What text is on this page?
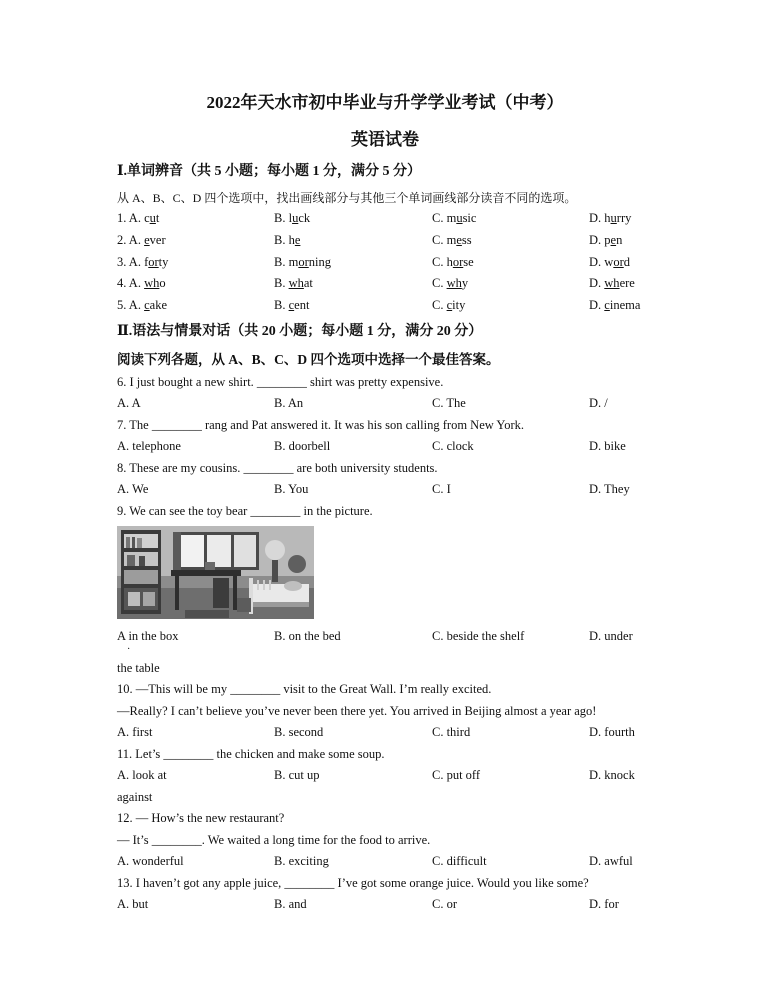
2022年天水市初中毕业与升学学业考试（中考）
英语试卷
Ⅰ.单词辨音（共 5 小题；每小题 1 分，满分 5 分）
从 A、B、C、D 四个选项中，找出画线部分与其他三个单词画线部分读音不同的选项。
1. A. cut	B. luck	C. music	D. hurry
2. A. ever	B. he	C. mess	D. pen
3. A. forty	B. morning	C. horse	D. word
4. A. who	B. what	C. why	D. where
5. A. cake	B. cent	C. city	D. cinema
Ⅱ.语法与情景对话（共 20 小题；每小题 1 分，满分 20 分）
阅读下列各题，从 A、B、C、D 四个选项中选择一个最佳答案。
6. I just bought a new shirt. ________ shirt was pretty expensive.
A. A	B. An	C. The	D. /
7. The ________ rang and Pat answered it. It was his son calling from New York.
A. telephone	B. doorbell	C. clock	D. bike
8. These are my cousins. ________ are both university students.
A. We	B. You	C. I	D. They
9. We can see the toy bear ________ in the picture.
A in the box	B. on the bed	C. beside the shelf	D. under
·
the table
10. —This will be my ________ visit to the Great Wall. I’m really excited.
—Really? I can’t believe you’ve never been there yet. You arrived in Beijing almost a year ago!
A. first	B. second	C. third	D. fourth
11. Let’s ________ the chicken and make some soup.
A. look at	B. cut up	C. put off	D. knock
against
12. — How’s the new restaurant?
— It’s ________. We waited a long time for the food to arrive.
A. wonderful	B. exciting	C. difficult	D. awful
13. I haven’t got any apple juice, ________ I’ve got some orange juice. Would you like some?
A. but	B. and	C. or	D. for
